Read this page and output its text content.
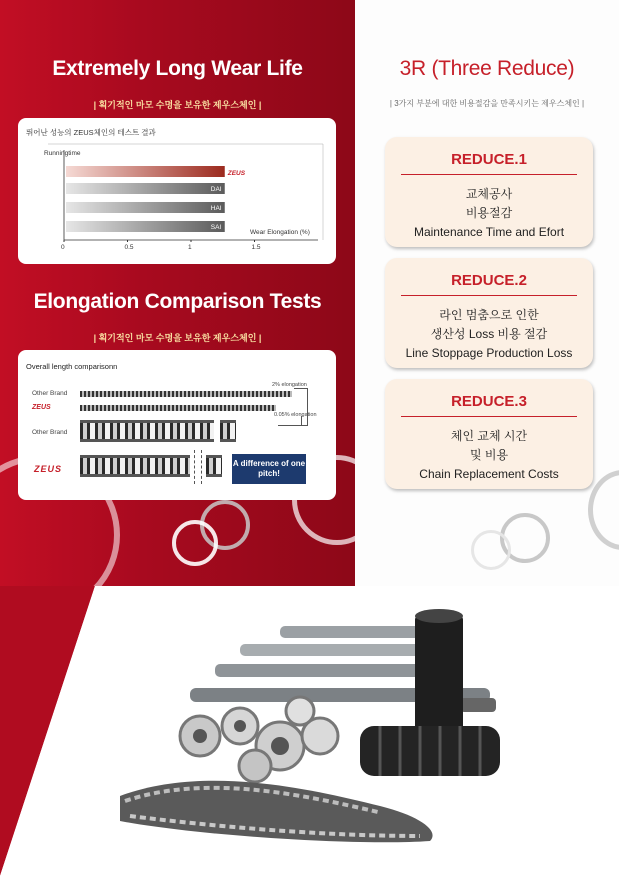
Extremely Long Wear Life
| 획기적인 마모 수명을 보유한 제우스체인 |
뛰어난 성능의 ZEUS체인의 테스트 결과
Runningtime
Wear Elongation (%)
ZEUS
DAI
HAI
SAI
0	0.5	1	1.5
Elongation Comparison Tests
| 획기적인 마모 수명을 보유한 제우스체인 |
Overall length comparisonn
Other Brand
ZEUS
2% elongation
0.05% elongation
Other Brand
ZEUS
A difference of one pitch!
3R (Three Reduce)
| 3가지 부분에 대한 비용절감을 만족시키는 제우스체인 |
REDUCE.1
교체공사
비용절감
Maintenance Time and Efort
REDUCE.2
라인 멈춤으로 인한
생산성 Loss 비용 절감
Line Stoppage Production Loss
REDUCE.3
체인 교체 시간
및 비용
Chain Replacement Costs
